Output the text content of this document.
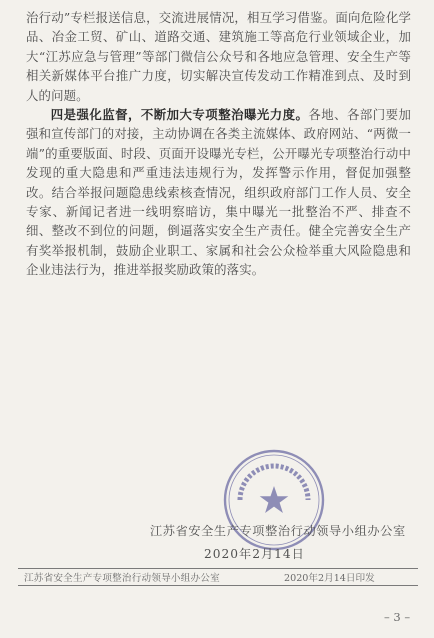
治行动”专栏报送信息，交流进展情况，相互学习借鉴。面向危险化学品、冶金工贸、矿山、道路交通、建筑施工等高危行业领域企业，加大“江苏应急与管理”等部门微信公众号和各地应急管理、安全生产等相关新媒体平台推广力度，切实解决宣传发动工作精准到点、及时到人的问题。

四是强化监督，不断加大专项整治曝光力度。各地、各部门要加强和宣传部门的对接，主动协调在各类主流媒体、政府网站、“两微一端”的重要版面、时段、页面开设曝光专栏，公开曝光专项整治行动中发现的重大隐患和严重违法违规行为，发挥警示作用，督促加强整改。结合举报问题隐患线索核查情况，组织政府部门工作人员、安全专家、新闻记者进一线明察暗访，集中曝光一批整治不严、排查不细、整改不到位的问题，倒逼落实安全生产责任。健全完善安全生产有奖举报机制，鼓励企业职工、家属和社会公众检举重大风险隐患和企业违法行为，推进举报奖励政策的落实。

江苏省安全生产专项整治行动领导小组办公室
2020年2月14日
江苏省安全生产专项整治行动领导小组办公室	2020年2月14日印发
– 3 –
